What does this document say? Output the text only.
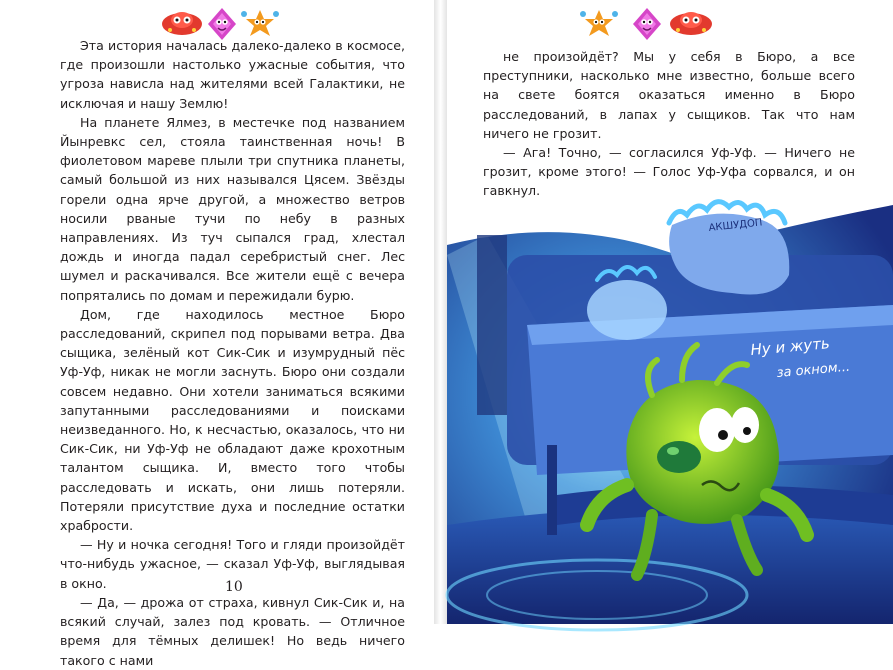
Эта история началась далеко-далеко в космосе, где произошли настолько ужасные события, что угроза нависла над жителями всей Галактики, не исключая и нашу Землю!

На планете Ялмез, в местечке под названием Йынревкс сел, стояла таинственная ночь! В фиолетовом мареве плыли три спутника планеты, самый большой из них назывался Цясем. Звёзды горели одна ярче другой, а множество ветров носили рваные тучи по небу в разных направлениях. Из туч сыпался град, хлестал дождь и иногда падал серебристый снег. Лес шумел и раскачивался. Все жители ещё с вечера попрятались по домам и пережидали бурю.

Дом, где находилось местное Бюро расследований, скрипел под порывами ветра. Два сыщика, зелёный кот Сик-Сик и изумрудный пёс Уф-Уф, никак не могли заснуть. Бюро они создали совсем недавно. Они хотели заниматься всякими запутанными расследованиями и поисками неизведанного. Но, к несчастью, оказалось, что ни Сик-Сик, ни Уф-Уф не обладают даже крохотным талантом сыщика. И, вместо того чтобы расследовать и искать, они лишь потеряли. Потеряли присутствие духа и последние остатки храбрости.

— Ну и ночка сегодня! Того и гляди произойдёт что-нибудь ужасное, — сказал Уф-Уф, выглядывая в окно.

— Да, — дрожа от страха, кивнул Сик-Сик и, на всякий случай, залез под кровать. — Отличное время для тёмных делишек! Но ведь ничего такого с нами

10

не произойдёт? Мы у себя в Бюро, а все преступники, насколько мне известно, больше всего на свете боятся оказаться именно в Бюро расследований, в лапах у сыщиков. Так что нам ничего не грозит.

— Ага! Точно, — согласился Уф-Уф. — Ничего не грозит, кроме этого! — Голос Уф-Уфа сорвался, и он гавкнул.

АКШУДОП
Ну и жуть
за окном...
